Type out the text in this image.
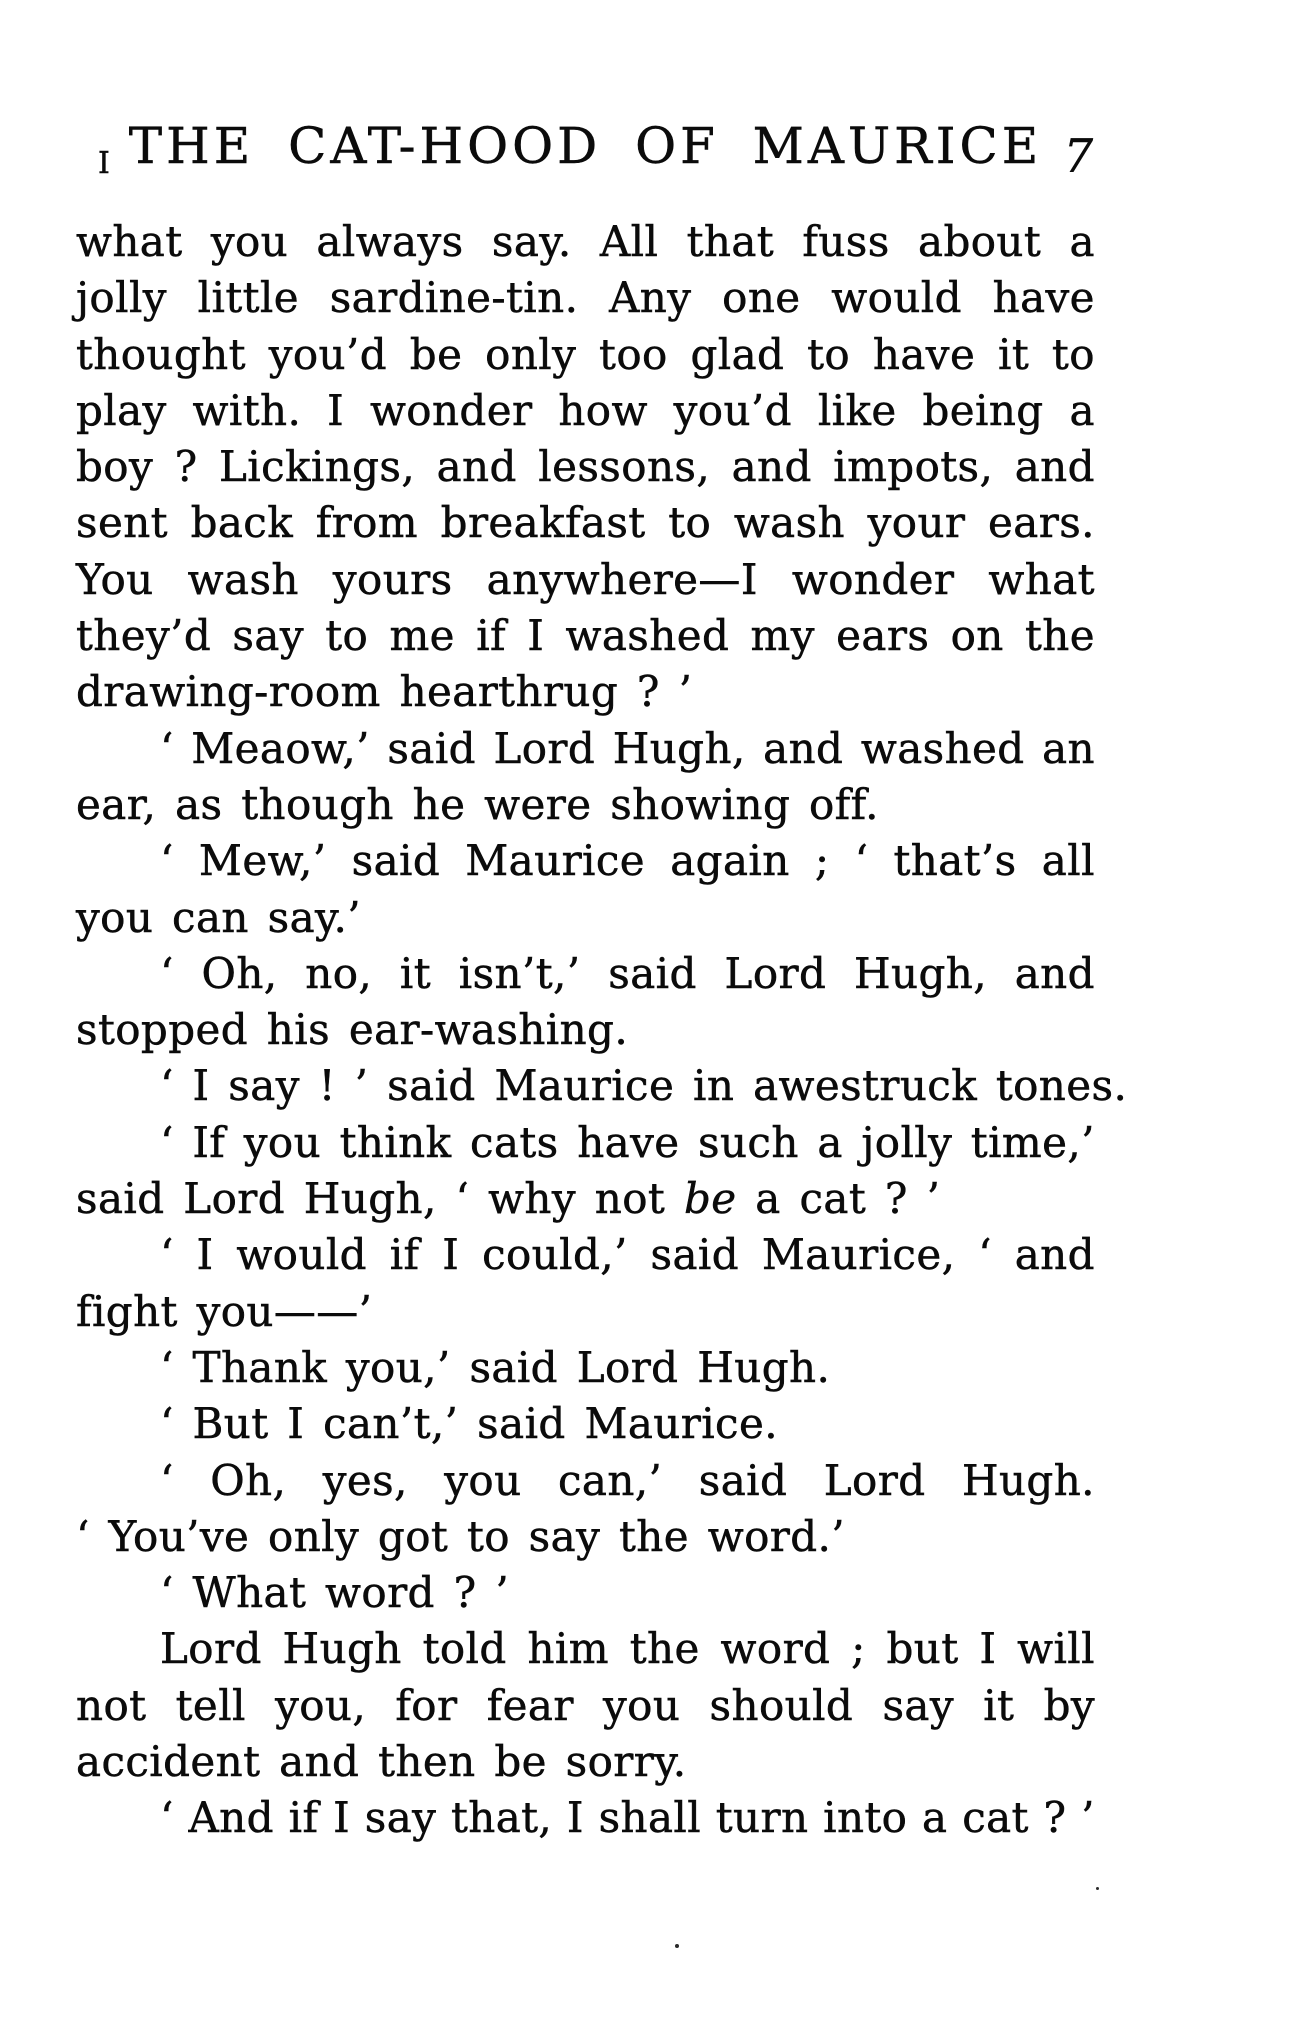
I THE CAT-HOOD OF MAURICE 7
what you always say. All that fuss about a
jolly little sardine-tin. Any one would have
thought you’d be only too glad to have it to
play with. I wonder how you’d like being a
boy ? Lickings, and lessons, and impots, and
sent back from breakfast to wash your ears.
You wash yours anywhere—I wonder what
they’d say to me if I washed my ears on the
drawing-room hearthrug ? ’
‘ Meaow,’ said Lord Hugh, and washed an
ear, as though he were showing off.
‘ Mew,’ said Maurice again ; ‘ that’s all
you can say.’
‘ Oh, no, it isn’t,’ said Lord Hugh, and
stopped his ear-washing.
‘ I say ! ’ said Maurice in awestruck tones.
‘ If you think cats have such a jolly time,’
said Lord Hugh, ‘ why not be a cat ? ’
‘ I would if I could,’ said Maurice, ‘ and
fight you——’
‘ Thank you,’ said Lord Hugh.
‘ But I can’t,’ said Maurice.
‘ Oh, yes, you can,’ said Lord Hugh.
‘ You’ve only got to say the word.’
‘ What word ? ’
Lord Hugh told him the word ; but I will
not tell you, for fear you should say it by
accident and then be sorry.
‘ And if I say that, I shall turn into a cat ? ’
